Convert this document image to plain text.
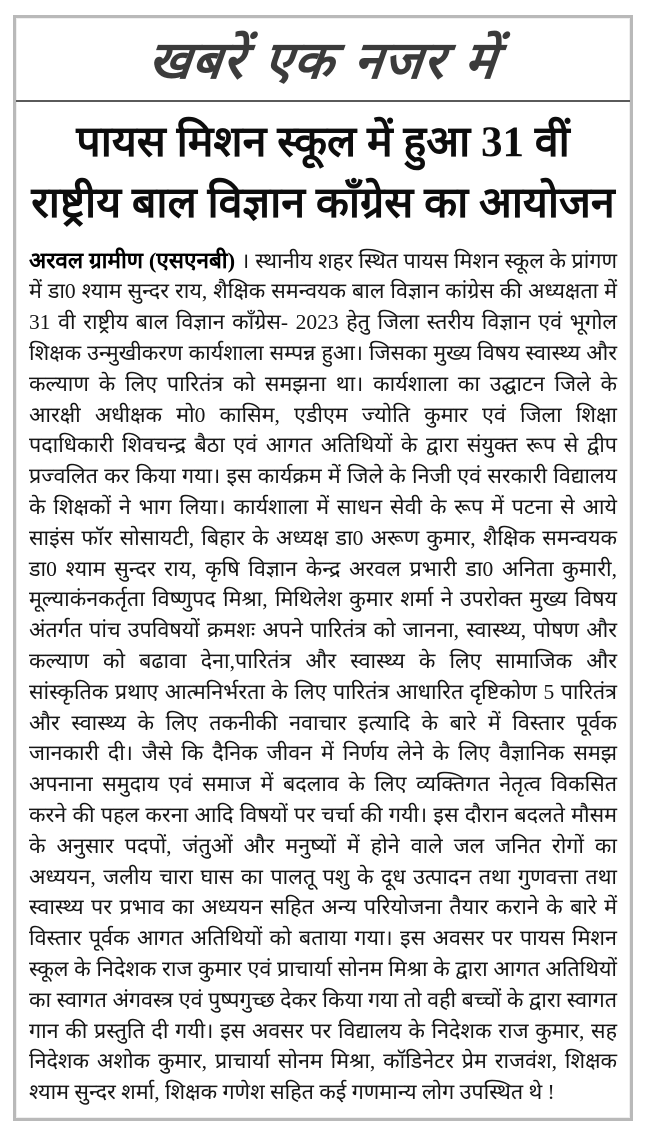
खबरें एक नजर में
पायस मिशन स्कूल में हुआ 31 वीं
राष्ट्रीय बाल विज्ञान काँग्रेस का आयोजन

अरवल ग्रामीण (एसएनबी) । स्थानीय शहर स्थित पायस मिशन स्कूल के प्रांगण में डा0 श्याम सुन्दर राय, शैक्षिक समन्वयक बाल विज्ञान कांग्रेस की अध्यक्षता में 31 वी राष्ट्रीय बाल विज्ञान काँग्रेस- 2023 हेतु जिला स्तरीय विज्ञान एवं भूगोल शिक्षक उन्मुखीकरण कार्यशाला सम्पन्न हुआ। जिसका मुख्य विषय स्वास्थ्य और कल्याण के लिए पारितंत्र को समझना था। कार्यशाला का उद्घाटन जिले के आरक्षी अधीक्षक मो0 कासिम, एडीएम ज्योति कुमार एवं जिला शिक्षा पदाधिकारी शिवचन्द्र बैठा एवं आगत अतिथियों के द्वारा संयुक्त रूप से द्वीप प्रज्वलित कर किया गया। इस कार्यक्रम में जिले के निजी एवं सरकारी विद्यालय के शिक्षकों ने भाग लिया। कार्यशाला में साधन सेवी के रूप में पटना से आये साइंस फॉर सोसायटी, बिहार के अध्यक्ष डा0 अरूण कुमार, शैक्षिक समन्वयक डा0 श्याम सुन्दर राय, कृषि विज्ञान केन्द्र अरवल प्रभारी डा0 अनिता कुमारी, मूल्याकंनकर्तृता विष्णुपद मिश्रा, मिथिलेश कुमार शर्मा ने उपरोक्त मुख्य विषय अंतर्गत पांच उपविषयों क्रमशः अपने पारितंत्र को जानना, स्वास्थ्य, पोषण और कल्याण को बढावा देना,पारितंत्र और स्वास्थ्य के लिए सामाजिक और सांस्कृतिक प्रथाए आत्मनिर्भरता के लिए पारितंत्र आधारित दृष्टिकोण 5 पारितंत्र और स्वास्थ्य के लिए तकनीकी नवाचार इत्यादि के बारे में विस्तार पूर्वक जानकारी दी। जैसे कि दैनिक जीवन में निर्णय लेने के लिए वैज्ञानिक समझ अपनाना समुदाय एवं समाज में बदलाव के लिए व्यक्तिगत नेतृत्व विकसित करने की पहल करना आदि विषयों पर चर्चा की गयी। इस दौरान बदलते मौसम के अनुसार पदपों, जंतुओं और मनुष्यों में होने वाले जल जनित रोगों का अध्ययन, जलीय चारा घास का पालतू पशु के दूध उत्पादन तथा गुणवत्ता तथा स्वास्थ्य पर प्रभाव का अध्ययन सहित अन्य परियोजना तैयार कराने के बारे में विस्तार पूर्वक आगत अतिथियों को बताया गया। इस अवसर पर पायस मिशन स्कूल के निदेशक राज कुमार एवं प्राचार्या सोनम मिश्रा के द्वारा आगत अतिथियों का स्वागत अंगवस्त्र एवं पुष्पगुच्छ देकर किया गया तो वही बच्चों के द्वारा स्वागत गान की प्रस्तुति दी गयी। इस अवसर पर विद्यालय के निदेशक राज कुमार, सह निदेशक अशोक कुमार, प्राचार्या सोनम मिश्रा, कॉडिनेटर प्रेम राजवंश, शिक्षक श्याम सुन्दर शर्मा, शिक्षक गणेश सहित कई गणमान्य लोग उपस्थित थे !
